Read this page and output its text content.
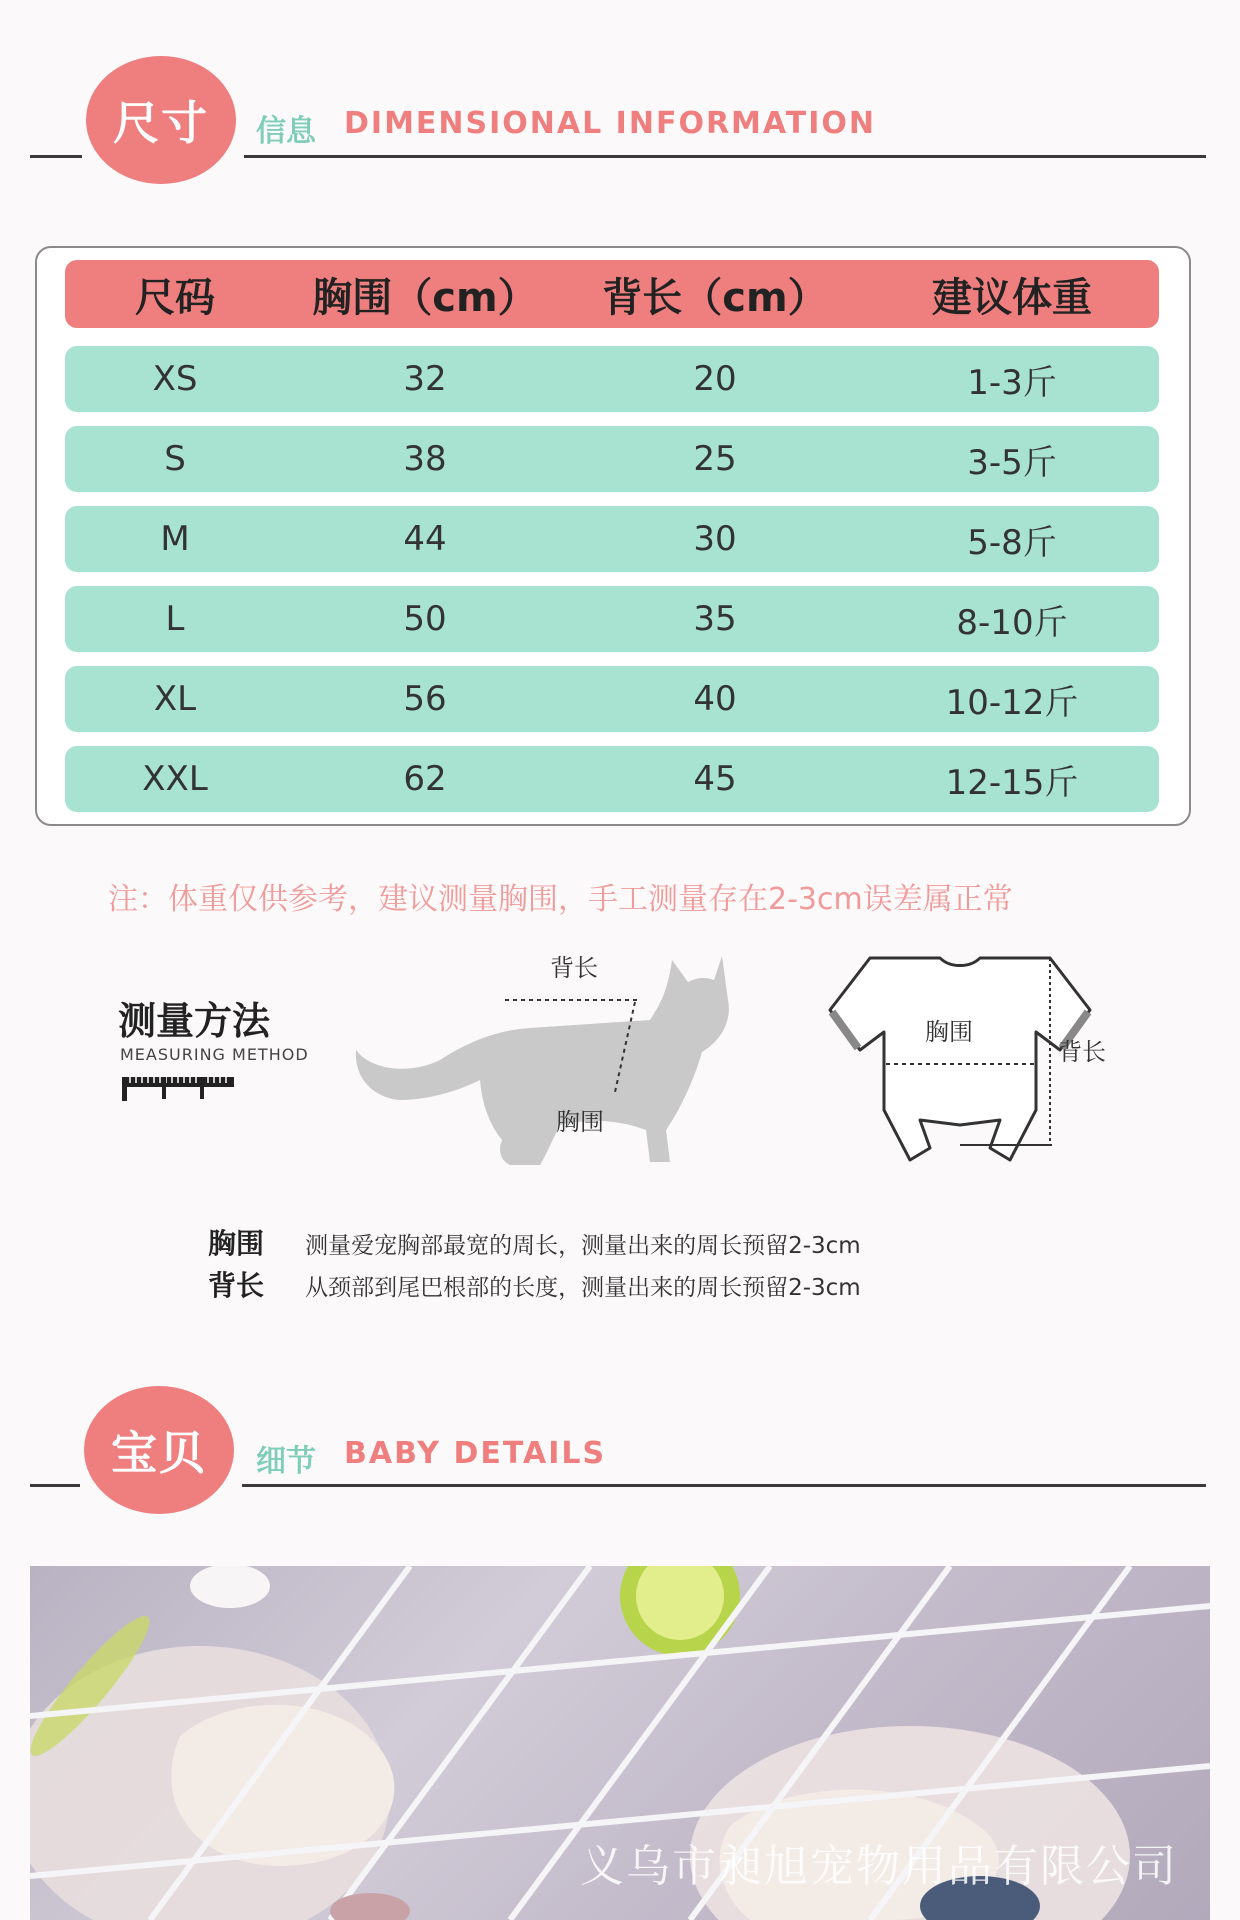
尺寸	信息 DIMENSIONAL INFORMATION
尺码	胸围（cm）	背长（cm）	建议体重
XS	32	20	1-3斤
S	38	25	3-5斤
M	44	30	5-8斤
L	50	35	8-10斤
XL	56	40	10-12斤
XXL	62	45	12-15斤
注：体重仅供参考，建议测量胸围，手工测量存在2-3cm误差属正常
测量方法
MEASURING METHOD
背长
胸围
胸围
背长
胸围 测量爱宠胸部最宽的周长，测量出来的周长预留2-3cm
背长 从颈部到尾巴根部的长度，测量出来的周长预留2-3cm
宝贝	细节 BABY DETAILS
义乌市昶旭宠物用品有限公司
